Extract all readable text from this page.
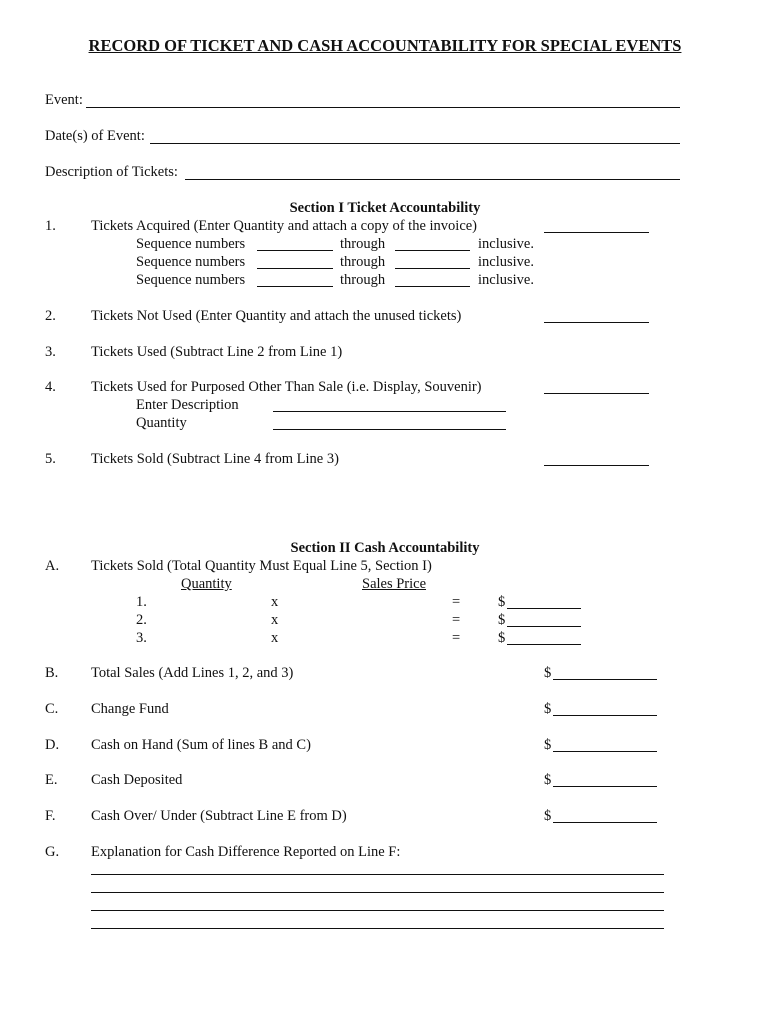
RECORD OF TICKET AND CASH ACCOUNTABILITY FOR SPECIAL EVENTS
Event:
Date(s) of Event:
Description of Tickets:
Section I Ticket Accountability
1. Tickets Acquired (Enter Quantity and attach a copy of the invoice)
Sequence numbers	through	inclusive.
Sequence numbers	through	inclusive.
Sequence numbers	through	inclusive.
2. Tickets Not Used (Enter Quantity and attach the unused tickets)
3. Tickets Used (Subtract Line 2 from Line 1)
4. Tickets Used for Purposed Other Than Sale (i.e. Display, Souvenir)
Enter Description
Quantity
5. Tickets Sold (Subtract Line 4 from Line 3)
Section II Cash Accountability
A. Tickets Sold (Total Quantity Must Equal Line 5, Section I)
Quantity	Sales Price
1.	x	=	$
2.	x	=	$
3.	x	=	$
B. Total Sales (Add Lines 1, 2, and 3)	$
C. Change Fund	$
D. Cash on Hand (Sum of lines B and C)	$
E. Cash Deposited	$
F. Cash Over/ Under (Subtract Line E from D)	$
G. Explanation for Cash Difference Reported on Line F:
